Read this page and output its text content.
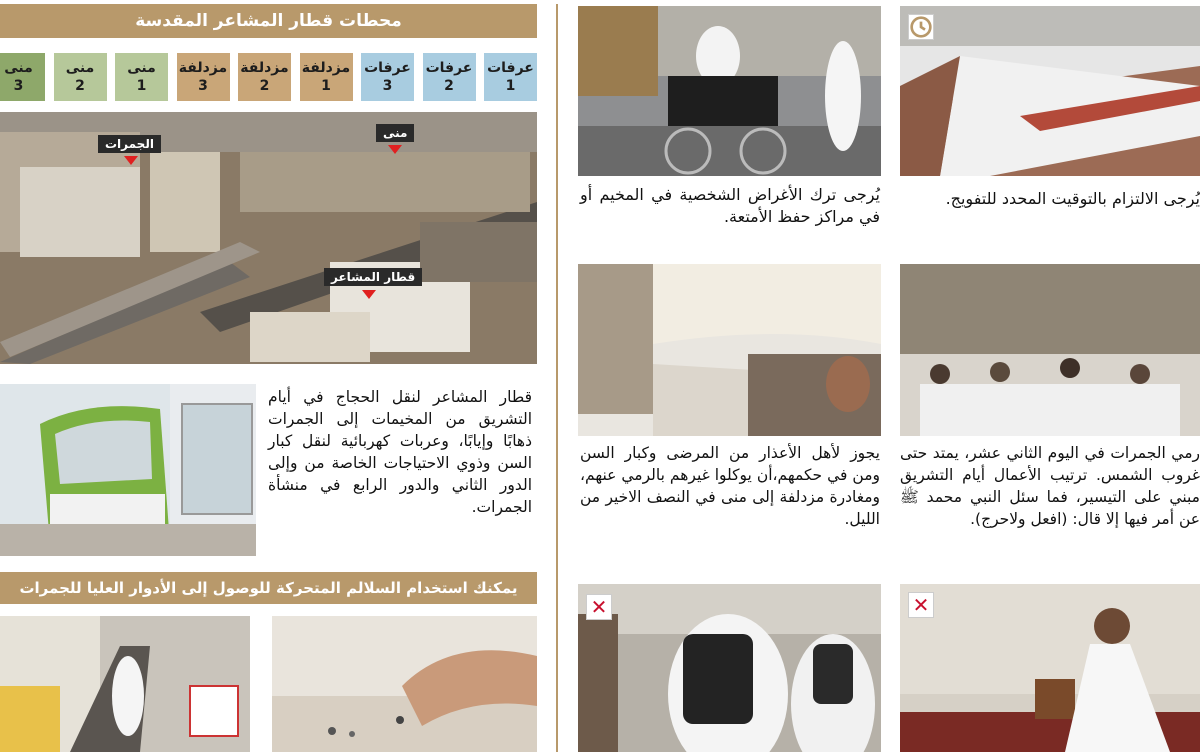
محطات قطار المشاعر المقدسة
عرفات
1
عرفات
2
عرفات
3
مزدلفة
1
مزدلفة
2
مزدلفة
3
منى
1
منى
2
منى
3
الجمرات
منى
قطار المشاعر
قطار المشاعر لنقل الحجاج في أيام التشريق من المخيمات إلى الجمرات ذهابًا وإيابًا، وعربات كهربائية لنقل كبار السن وذوي الاحتياجات الخاصة من وإلى الدور الثاني والدور الرابع في منشأة الجمرات.
يمكنك استخدام السلالم المتحركة للوصول إلى الأدوار العليا للجمرات
يُرجى ترك الأغراض الشخصية في المخيم أو في مراكز حفظ الأمتعة.
يُرجى الالتزام بالتوقيت المحدد للتفويج.
يجوز لأهل الأعذار من المرضى وكبار السن ومن في حكمهم،أن يوكلوا غيرهم بالرمي عنهم، ومغادرة مزدلفة إلى منى في النصف الاخير من الليل.
رمي الجمرات في اليوم الثاني عشر، يمتد حتى غروب الشمس. ترتيب الأعمال أيام التشريق مبني على التيسير، فما سئل النبي محمد ﷺ عن أمر فيها إلا قال: (افعل ولاحرج).
✕	✕
